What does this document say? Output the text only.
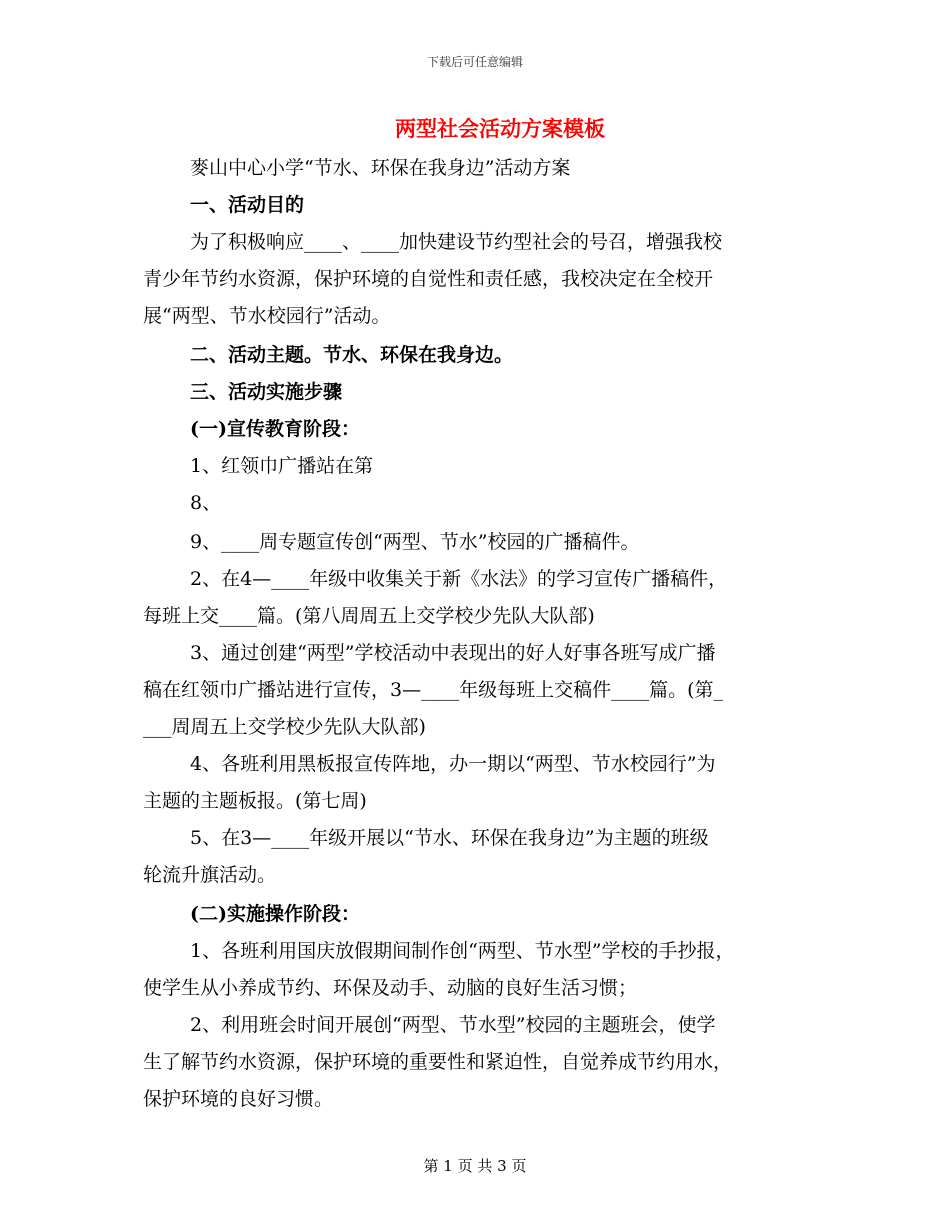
下载后可任意编辑
两型社会活动方案模板

麥山中心小学“节水、环保在我身边”活动方案

一、活动目的

为了积极响应____、____加快建设节约型社会的号召，增强我校

青少年节约水资源，保护环境的自觉性和责任感，我校决定在全校开

展“两型、节水校园行”活动。

二、活动主题。节水、环保在我身边。

三、活动实施步骤

(一)宣传教育阶段：

1、红领巾广播站在第

8、

9、____周专题宣传创“两型、节水”校园的广播稿件。

2、在4—____年级中收集关于新《水法》的学习宣传广播稿件，

每班上交____篇。(第八周周五上交学校少先队大队部)

3、通过创建“两型”学校活动中表现出的好人好事各班写成广播

稿在红领巾广播站进行宣传，3—____年级每班上交稿件____篇。(第_

___周周五上交学校少先队大队部)

4、各班利用黑板报宣传阵地，办一期以“两型、节水校园行”为

主题的主题板报。(第七周)

5、在3—____年级开展以“节水、环保在我身边”为主题的班级

轮流升旗活动。

(二)实施操作阶段：

1、各班利用国庆放假期间制作创“两型、节水型”学校的手抄报，

使学生从小养成节约、环保及动手、动脑的良好生活习惯；

2、利用班会时间开展创“两型、节水型”校园的主题班会，使学

生了解节约水资源，保护环境的重要性和紧迫性，自觉养成节约用水，

保护环境的良好习惯。

第 1 页 共 3 页
